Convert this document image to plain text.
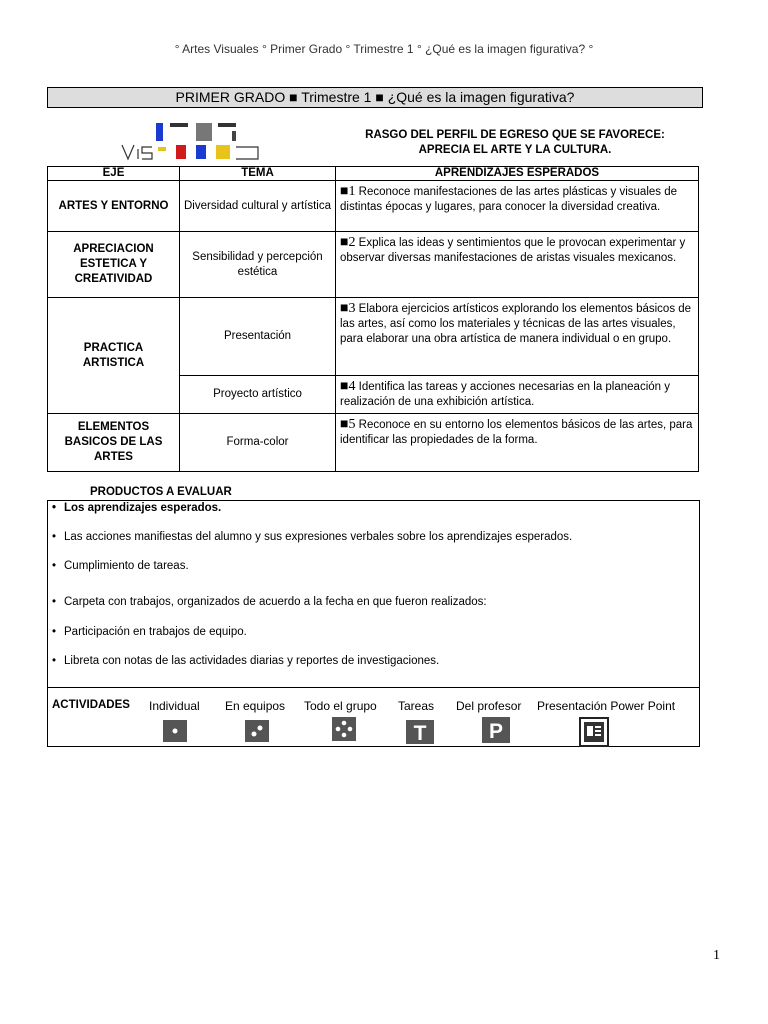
° Artes Visuales ° Primer Grado ° Trimestre 1 ° ¿Qué es la imagen figurativa? °
PRIMER GRADO ■ Trimestre 1 ■ ¿Qué es la imagen figurativa?
RASGO DEL PERFIL DE EGRESO QUE SE FAVORECE:
APRECIA EL ARTE Y LA CULTURA.
EJE	TEMA	APRENDIZAJES ESPERADOS
ARTES Y ENTORNO	Diversidad cultural y artística	■1 Reconoce manifestaciones de las artes plásticas y visuales de distintas épocas y lugares, para conocer la diversidad creativa.
APRECIACION ESTETICA Y CREATIVIDAD	Sensibilidad y percepción estética	■2 Explica las ideas y sentimientos que le provocan experimentar y observar diversas manifestaciones de aristas visuales mexicanos.
PRACTICA ARTISTICA	Presentación	■3 Elabora ejercicios artísticos explorando los elementos básicos de las artes, así como los materiales y técnicas de las artes visuales, para elaborar una obra artística de manera individual o en grupo.
	Proyecto artístico	■4 Identifica las tareas y acciones necesarias en la planeación y realización de una exhibición artística.
ELEMENTOS BASICOS DE LAS ARTES	Forma-color	■5 Reconoce en su entorno los elementos básicos de las artes, para identificar las propiedades de la forma.
PRODUCTOS A EVALUAR
• Los aprendizajes esperados.
• Las acciones manifiestas del alumno y sus expresiones verbales sobre los aprendizajes esperados.
• Cumplimiento de tareas.
• Carpeta con trabajos, organizados de acuerdo a la fecha en que fueron realizados:
• Participación en trabajos de equipo.
• Libreta con notas de las actividades diarias y reportes de investigaciones.
ACTIVIDADES Individual En equipos Todo el grupo Tareas Del profesor Presentación Power Point
T	P
1
